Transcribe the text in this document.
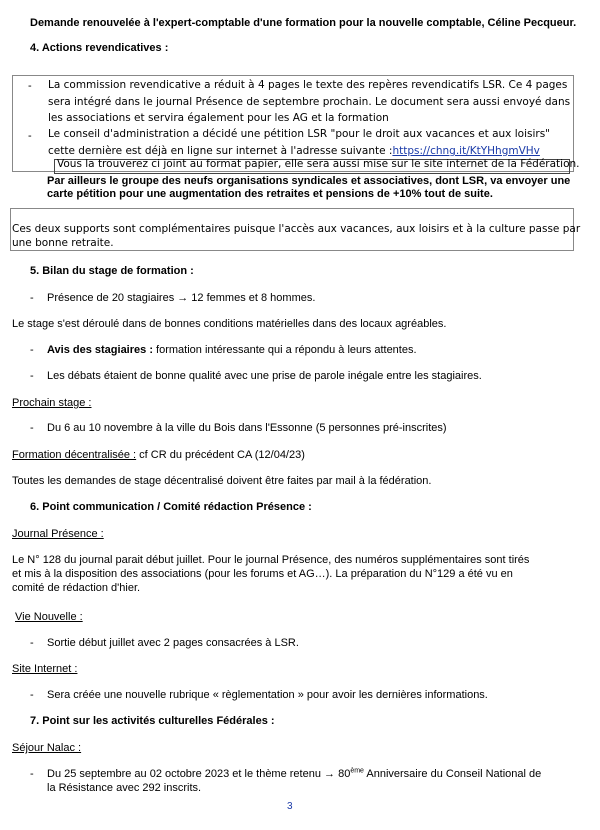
Demande renouvelée à l'expert-comptable d'une formation pour la nouvelle comptable, Céline Pecqueur.
4. Actions revendicatives :
- La commission revendicative a réduit à 4 pages le texte des repères revendicatifs LSR. Ce 4 pages
sera intégré dans le journal Présence de septembre prochain. Le document sera aussi envoyé dans
les associations et servira également pour les AG et la formation
- Le conseil d'administration a décidé une pétition LSR "pour le droit aux vacances et aux loisirs"
cette dernière est déjà en ligne sur internet à l'adresse suivante :https://chng.it/KtYHhgmVHv
Vous la trouverez ci joint au format papier, elle sera aussi mise sur le site internet de la Fédération.
Par ailleurs le groupe des neufs organisations syndicales et associatives, dont LSR, va envoyer une
carte pétition pour une augmentation des retraites et pensions de +10% tout de suite.
Ces deux supports sont complémentaires puisque l'accès aux vacances, aux loisirs et à la culture passe par
une bonne retraite.
5. Bilan du stage de formation :
- Présence de 20 stagiaires → 12 femmes et 8 hommes.
Le stage s'est déroulé dans de bonnes conditions matérielles dans des locaux agréables.
- Avis des stagiaires : formation intéressante qui a répondu à leurs attentes.
- Les débats étaient de bonne qualité avec une prise de parole inégale entre les stagiaires.
Prochain stage :
- Du 6 au 10 novembre à la ville du Bois dans l'Essonne (5 personnes pré-inscrites)
Formation décentralisée : cf CR du précédent CA (12/04/23)
Toutes les demandes de stage décentralisé doivent être faites par mail à la fédération.
6. Point communication / Comité rédaction Présence :
Journal Présence :
Le N° 128 du journal parait début juillet. Pour le journal Présence, des numéros supplémentaires sont tirés
et mis à la disposition des associations (pour les forums et AG…). La préparation du N°129 a été vu en
comité de rédaction d'hier.
Vie Nouvelle :
- Sortie début juillet avec 2 pages consacrées à LSR.
Site Internet :
- Sera créée une nouvelle rubrique « règlementation » pour avoir les dernières informations.
7. Point sur les activités culturelles Fédérales :
Séjour Nalac :
- Du 25 septembre au 02 octobre 2023 et le thème retenu → 80ème Anniversaire du Conseil National de
la Résistance avec 292 inscrits.
3
